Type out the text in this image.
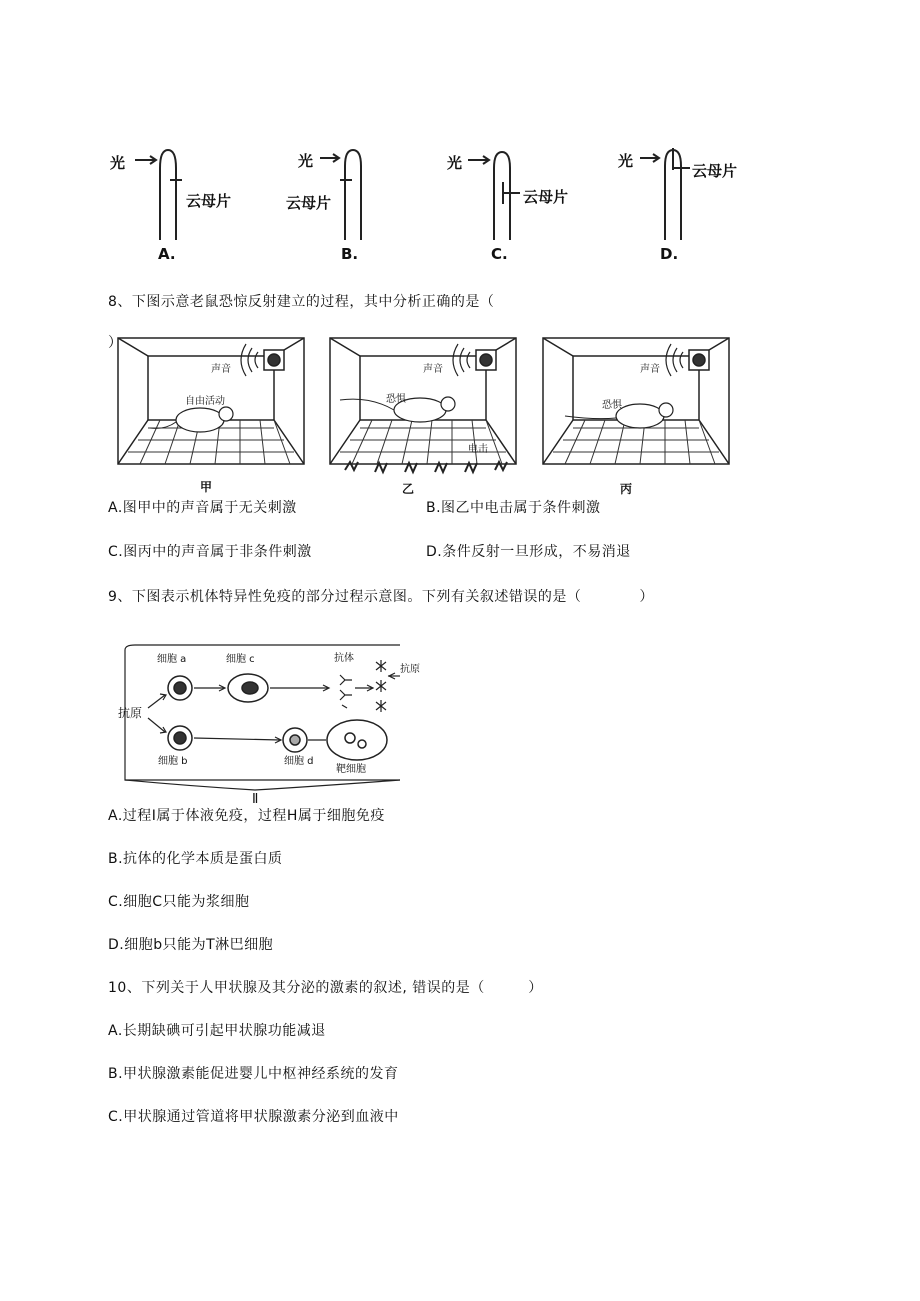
光
云母片
A.
光
云母片
B.
光
云母片
C.
光
云母片
D.
8、下图示意老鼠恐惊反射建立的过程，其中分析正确的是（
）
声音
自由活动
声音
恐惧
电击
声音
恐惧
甲	乙	丙
A.图甲中的声音属于无关刺激	B.图乙中电击属于条件刺激
C.图丙中的声音属于非条件刺激	D.条件反射一旦形成，不易消退
9、下图表示机体特异性免疫的部分过程示意图。下列有关叙述错误的是（　　　　）
细胞 a	细胞 c	抗体
抗原
抗原
细胞 b	细胞 d
靶细胞
Ⅱ
A.过程I属于体液免疫，过程H属于细胞免疫
B.抗体的化学本质是蛋白质
C.细胞C只能为浆细胞
D.细胞b只能为T淋巴细胞
10、下列关于人甲状腺及其分泌的激素的叙述, 错误的是（　　　）
A.长期缺碘可引起甲状腺功能减退
B.甲状腺激素能促进婴儿中枢神经系统的发育
C.甲状腺通过管道将甲状腺激素分泌到血液中
